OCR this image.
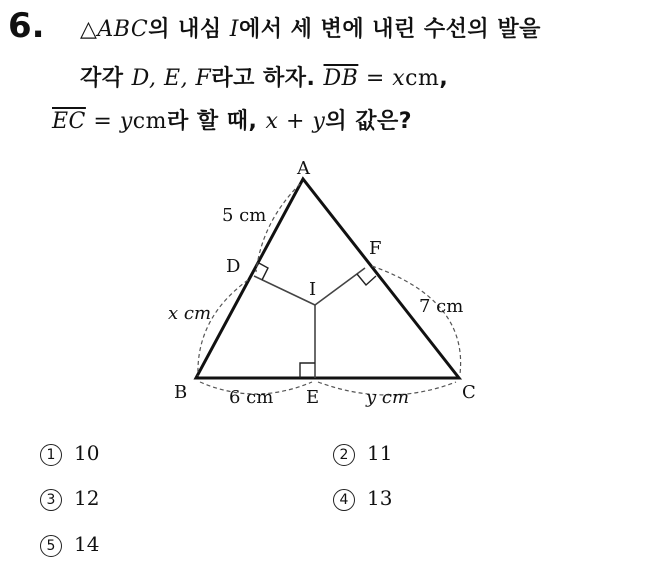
6. △ABC의 내심 I에서 세 변에 내린 수선의 발을
각각 D, E, F라고 하자. $\overline{DB}$ = xcm,
$\overline{EC}$ = ycm라 할 때, x + y의 값은?
A
B	C
D
E
F
I
5 cm
x cm
6 cm	y cm
7 cm
1 10	2 11
3 12	4 13
5 14
